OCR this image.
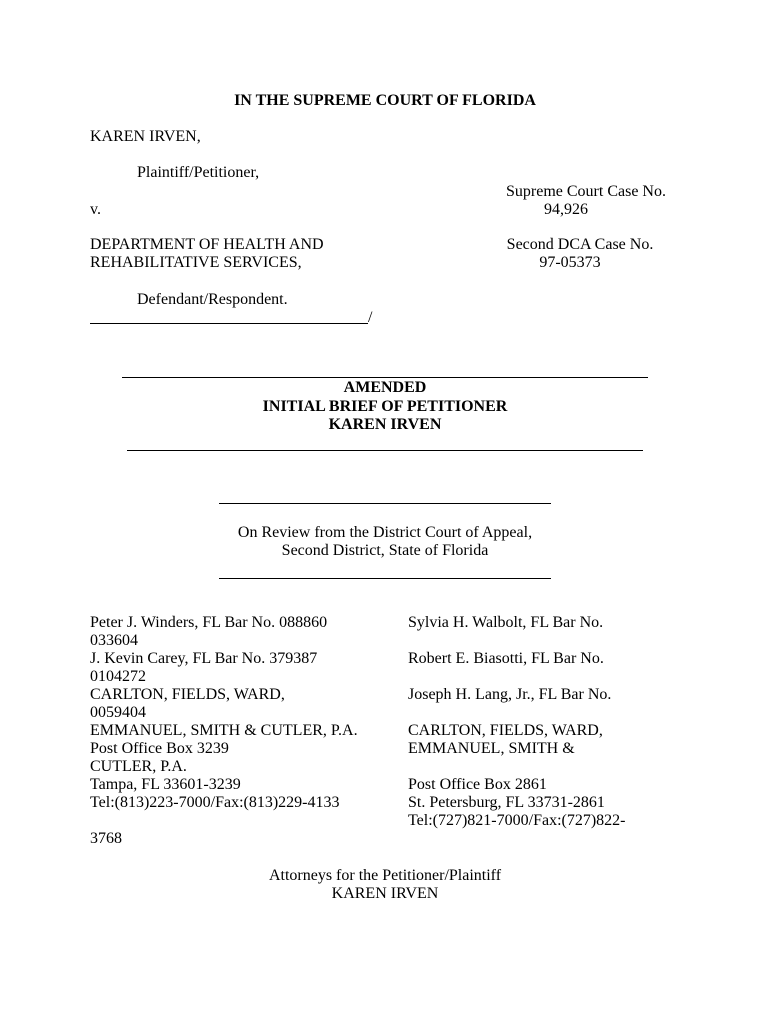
IN THE SUPREME COURT OF FLORIDA
KAREN IRVEN,
Plaintiff/Petitioner,
v.
DEPARTMENT OF HEALTH AND
REHABILITATIVE SERVICES,
Defendant/Respondent.
/
Supreme Court Case No.
94,926
Second DCA Case No.
97-05373
AMENDED
INITIAL BRIEF OF PETITIONER
KAREN IRVEN
On Review from the District Court of Appeal,
Second District, State of Florida
Peter J. Winders, FL Bar No. 088860
033604
J. Kevin Carey, FL Bar No. 379387
0104272
CARLTON, FIELDS, WARD,
0059404
EMMANUEL, SMITH & CUTLER, P.A.
Post Office Box 3239
CUTLER, P.A.
Tampa, FL 33601-3239
Tel:(813)223-7000/Fax:(813)229-4133
3768
Sylvia H. Walbolt, FL Bar No.
Robert E. Biasotti, FL Bar No.
Joseph H. Lang, Jr., FL Bar No.
CARLTON, FIELDS, WARD,
EMMANUEL, SMITH &
Post Office Box 2861
St. Petersburg, FL 33731-2861
Tel:(727)821-7000/Fax:(727)822-
Attorneys for the Petitioner/Plaintiff
KAREN IRVEN
